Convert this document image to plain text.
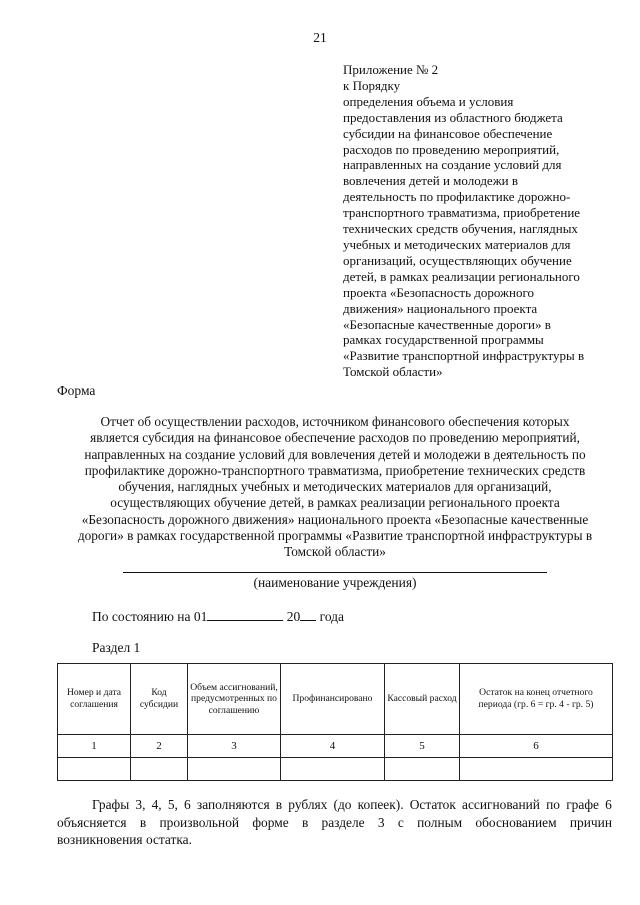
21
Приложение № 2
к Порядку
определения объема и условия
предоставления из областного бюджета
субсидии на финансовое обеспечение
расходов по проведению мероприятий,
направленных на создание условий для
вовлечения детей и молодежи в
деятельность по профилактике дорожно-
транспортного травматизма, приобретение
технических средств обучения, наглядных
учебных и методических материалов для
организаций, осуществляющих обучение
детей, в рамках реализации регионального
проекта «Безопасность дорожного
движения» национального проекта
«Безопасные качественные дороги» в
рамках государственной программы
«Развитие транспортной инфраструктуры в
Томской области»
Форма
Отчет об осуществлении расходов, источником финансового обеспечения которых
является субсидия на финансовое обеспечение расходов по проведению мероприятий,
направленных на создание условий для вовлечения детей и молодежи в деятельность по
профилактике дорожно-транспортного травматизма, приобретение технических средств
обучения, наглядных учебных и методических материалов для организаций,
осуществляющих обучение детей, в рамках реализации регионального проекта
«Безопасность дорожного движения» национального проекта «Безопасные качественные
дороги» в рамках государственной программы «Развитие транспортной инфраструктуры в
Томской области»
(наименование учреждения)
По состоянию на 01	20 года
Раздел 1
Номер и дата соглашения	Код субсидии	Объем ассигнований, предусмотренных по соглашению	Профинансировано	Кассовый расход	Остаток на конец отчетного периода (гр. 6 = гр. 4 - гр. 5)
1	2	3	4	5	6

Графы 3, 4, 5, 6 заполняются в рублях (до копеек). Остаток ассигнований по графе 6
объясняется в произвольной форме в разделе 3 с полным обоснованием причин
возникновения остатка.
